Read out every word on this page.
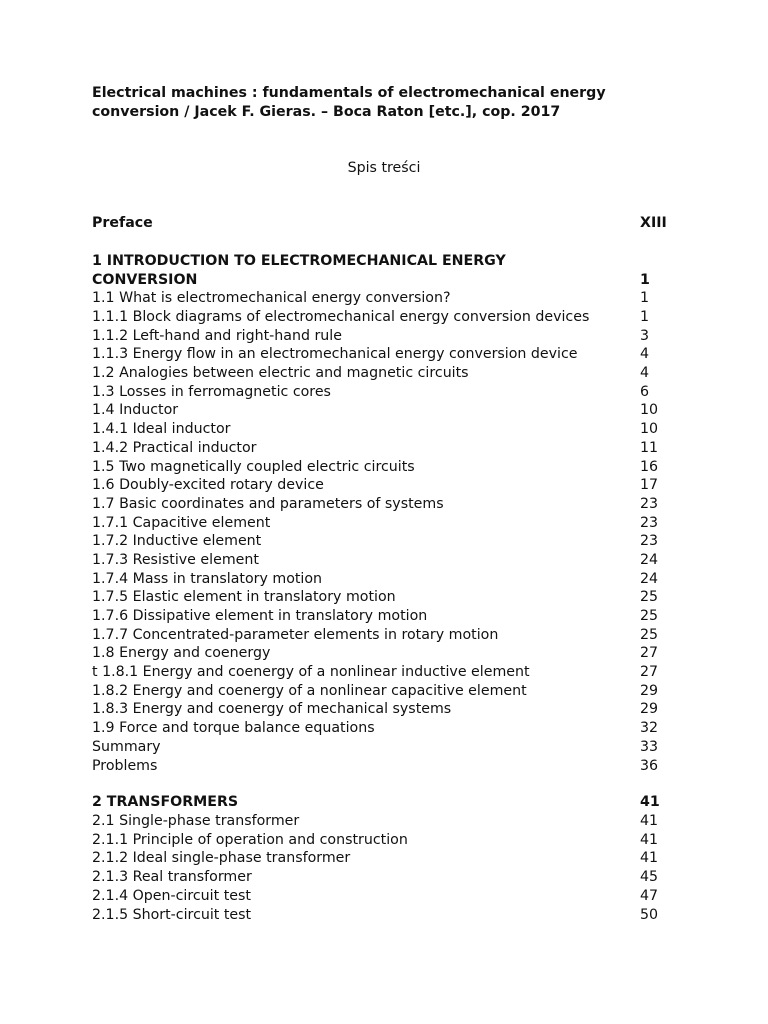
Electrical machines : fundamentals of electromechanical energy
conversion / Jacek F. Gieras. – Boca Raton [etc.], cop. 2017
Spis treści
Preface	XIII
1 INTRODUCTION TO ELECTROMECHANICAL ENERGY
CONVERSION	1
1.1 What is electromechanical energy conversion?	1
1.1.1 Block diagrams of electromechanical energy conversion devices	1
1.1.2 Left-hand and right-hand rule	3
1.1.3 Energy flow in an electromechanical energy conversion device	4
1.2 Analogies between electric and magnetic circuits	4
1.3 Losses in ferromagnetic cores	6
1.4 Inductor	10
1.4.1 Ideal inductor	10
1.4.2 Practical inductor	11
1.5 Two magnetically coupled electric circuits	16
1.6 Doubly-excited rotary device	17
1.7 Basic coordinates and parameters of systems	23
1.7.1 Capacitive element	23
1.7.2 Inductive element	23
1.7.3 Resistive element	24
1.7.4 Mass in translatory motion	24
1.7.5 Elastic element in translatory motion	25
1.7.6 Dissipative element in translatory motion	25
1.7.7 Concentrated-parameter elements in rotary motion	25
1.8 Energy and coenergy	27
t 1.8.1 Energy and coenergy of a nonlinear inductive element	27
1.8.2 Energy and coenergy of a nonlinear capacitive element	29
1.8.3 Energy and coenergy of mechanical systems	29
1.9 Force and torque balance equations	32
Summary	33
Problems	36
2 TRANSFORMERS	41
2.1 Single-phase transformer	41
2.1.1 Principle of operation and construction	41
2.1.2 Ideal single-phase transformer	41
2.1.3 Real transformer	45
2.1.4 Open-circuit test	47
2.1.5 Short-circuit test	50
